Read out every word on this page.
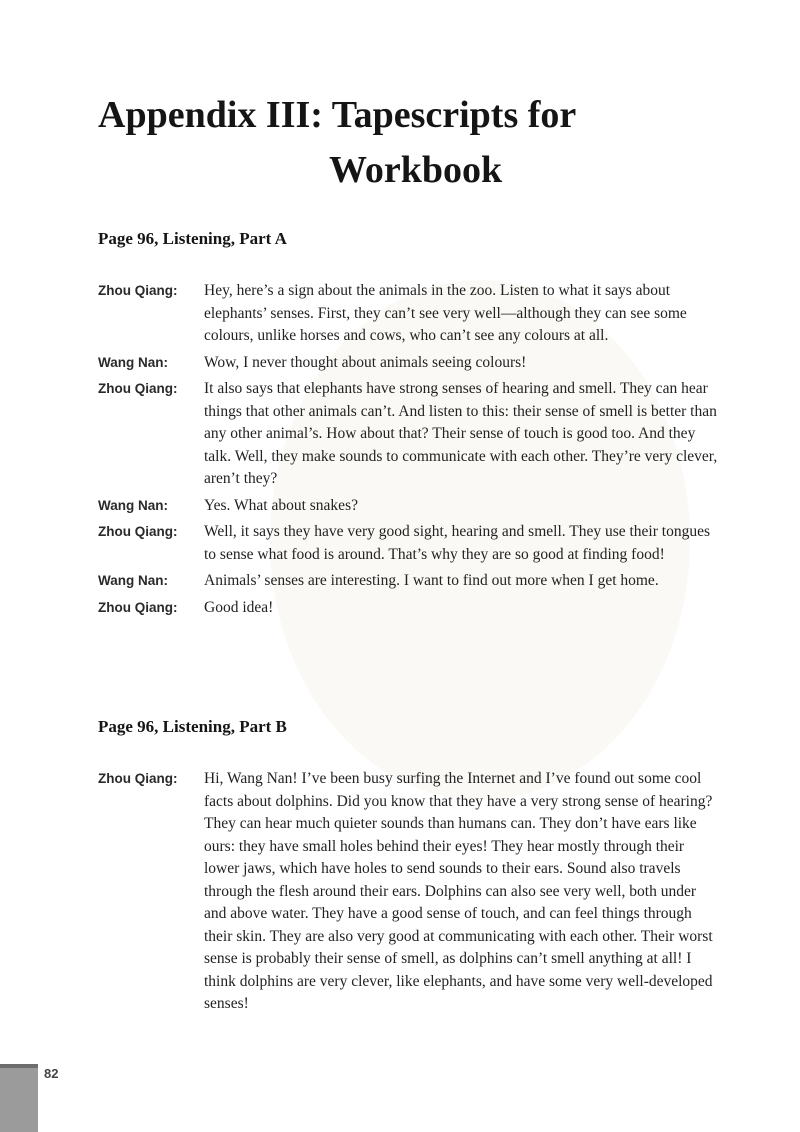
Appendix III: Tapescripts for
Workbook
Page 96, Listening, Part A
Zhou Qiang:	Hey, here’s a sign about the animals in the zoo. Listen to what it says about elephants’ senses. First, they can’t see very well—although they can see some colours, unlike horses and cows, who can’t see any colours at all.
Wang Nan:	Wow, I never thought about animals seeing colours!
Zhou Qiang:	It also says that elephants have strong senses of hearing and smell. They can hear things that other animals can’t. And listen to this: their sense of smell is better than any other animal’s. How about that? Their sense of touch is good too. And they talk. Well, they make sounds to communicate with each other. They’re very clever, aren’t they?
Wang Nan:	Yes. What about snakes?
Zhou Qiang:	Well, it says they have very good sight, hearing and smell. They use their tongues to sense what food is around. That’s why they are so good at finding food!
Wang Nan:	Animals’ senses are interesting. I want to find out more when I get home.
Zhou Qiang:	Good idea!
Page 96, Listening, Part B
Zhou Qiang:	Hi, Wang Nan! I’ve been busy surfing the Internet and I’ve found out some cool facts about dolphins. Did you know that they have a very strong sense of hearing? They can hear much quieter sounds than humans can. They don’t have ears like ours: they have small holes behind their eyes! They hear mostly through their lower jaws, which have holes to send sounds to their ears. Sound also travels through the flesh around their ears. Dolphins can also see very well, both under and above water. They have a good sense of touch, and can feel things through their skin. They are also very good at communicating with each other. Their worst sense is probably their sense of smell, as dolphins can’t smell anything at all! I think dolphins are very clever, like elephants, and have some very well-developed senses!
82
